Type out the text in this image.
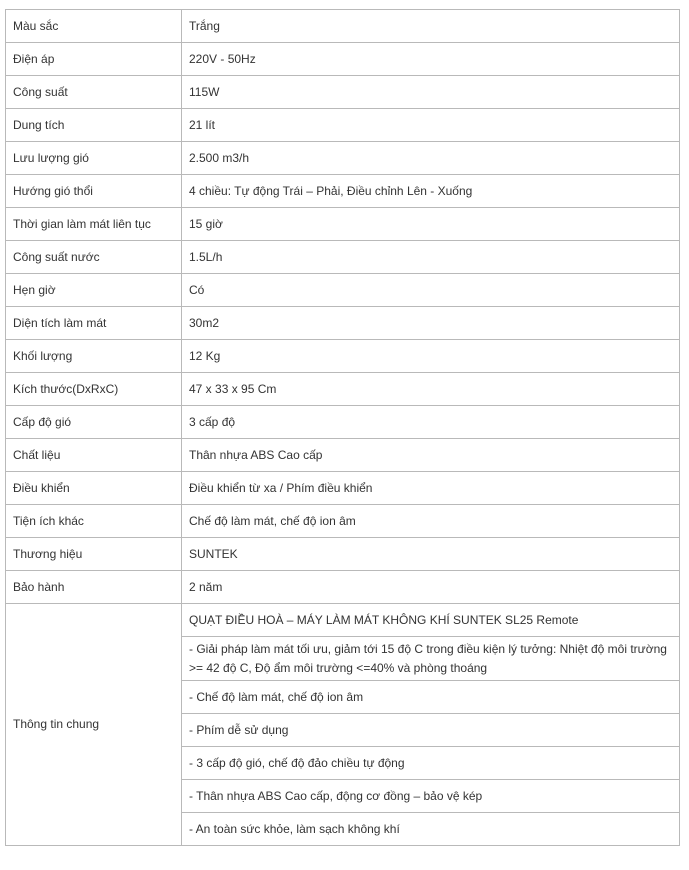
Màu sắc	Trắng
Điện áp	220V - 50Hz
Công suất	115W
Dung tích	21 lít
Lưu lượng gió	2.500 m3/h
Hướng gió thổi	4 chiều: Tự động Trái – Phải, Điều chỉnh Lên - Xuống
Thời gian làm mát liên tục	15 giờ
Công suất nước	1.5L/h
Hẹn giờ	Có
Diện tích làm mát	30m2
Khối lượng	12 Kg
Kích thước(DxRxC)	47 x 33 x 95 Cm
Cấp độ gió	3 cấp độ
Chất liệu	Thân nhựa ABS Cao cấp
Điều khiển	Điều khiển từ xa / Phím điều khiển
Tiện ích khác	Chế độ làm mát, chế độ ion âm
Thương hiệu	SUNTEK
Bảo hành	2 năm
Thông tin chung	QUẠT ĐIỀU HOÀ – MÁY LÀM MÁT KHÔNG KHÍ SUNTEK SL25 Remote
	- Giải pháp làm mát tối ưu, giảm tới 15 độ C trong điều kiện lý tưởng: Nhiệt độ môi trường >= 42 độ C, Độ ẩm môi trường <=40% và phòng thoáng
	- Chế độ làm mát, chế độ ion âm
	- Phím dễ sử dụng
	- 3 cấp độ gió, chế độ đảo chiều tự động
	- Thân nhựa ABS Cao cấp, động cơ đồng – bảo vệ kép
	- An toàn sức khỏe, làm sạch không khí
